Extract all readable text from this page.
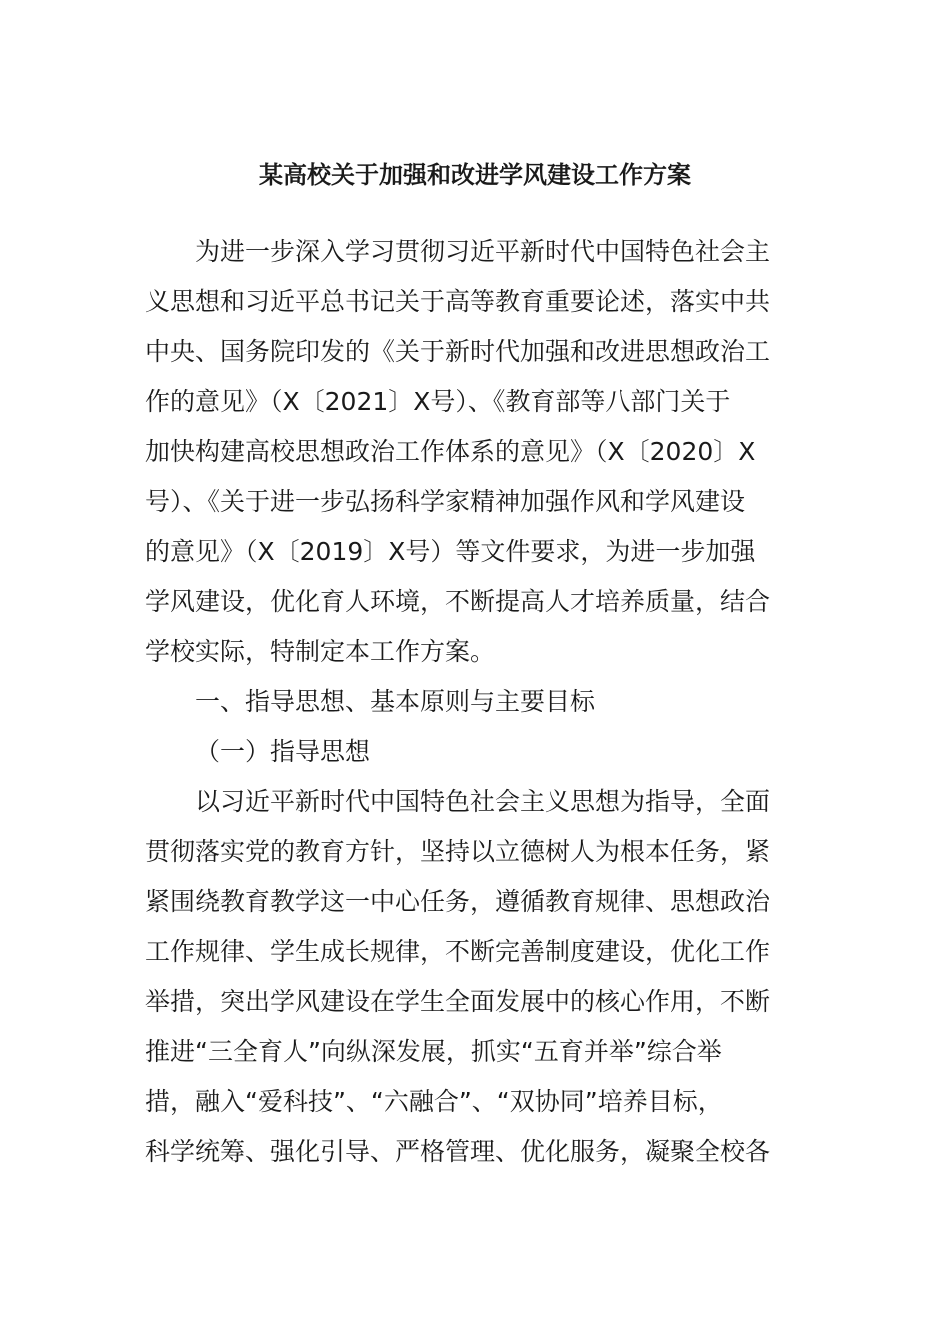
某高校关于加强和改进学风建设工作方案
为进一步深入学习贯彻习近平新时代中国特色社会主
义思想和习近平总书记关于高等教育重要论述，落实中共
中央、国务院印发的《关于新时代加强和改进思想政治工
作的意见》（X〔2021〕X号）、《教育部等八部门关于
加快构建高校思想政治工作体系的意见》（X〔2020〕X
号）、《关于进一步弘扬科学家精神加强作风和学风建设
的意见》（X〔2019〕X号）等文件要求，为进一步加强
学风建设，优化育人环境，不断提高人才培养质量，结合
学校实际，特制定本工作方案。
一、指导思想、基本原则与主要目标
（一）指导思想
以习近平新时代中国特色社会主义思想为指导，全面
贯彻落实党的教育方针，坚持以立德树人为根本任务，紧
紧围绕教育教学这一中心任务，遵循教育规律、思想政治
工作规律、学生成长规律，不断完善制度建设，优化工作
举措，突出学风建设在学生全面发展中的核心作用，不断
推进“三全育人”向纵深发展，抓实“五育并举”综合举
措，融入“爱科技”、“六融合”、“双协同”培养目标，
科学统筹、强化引导、严格管理、优化服务，凝聚全校各
